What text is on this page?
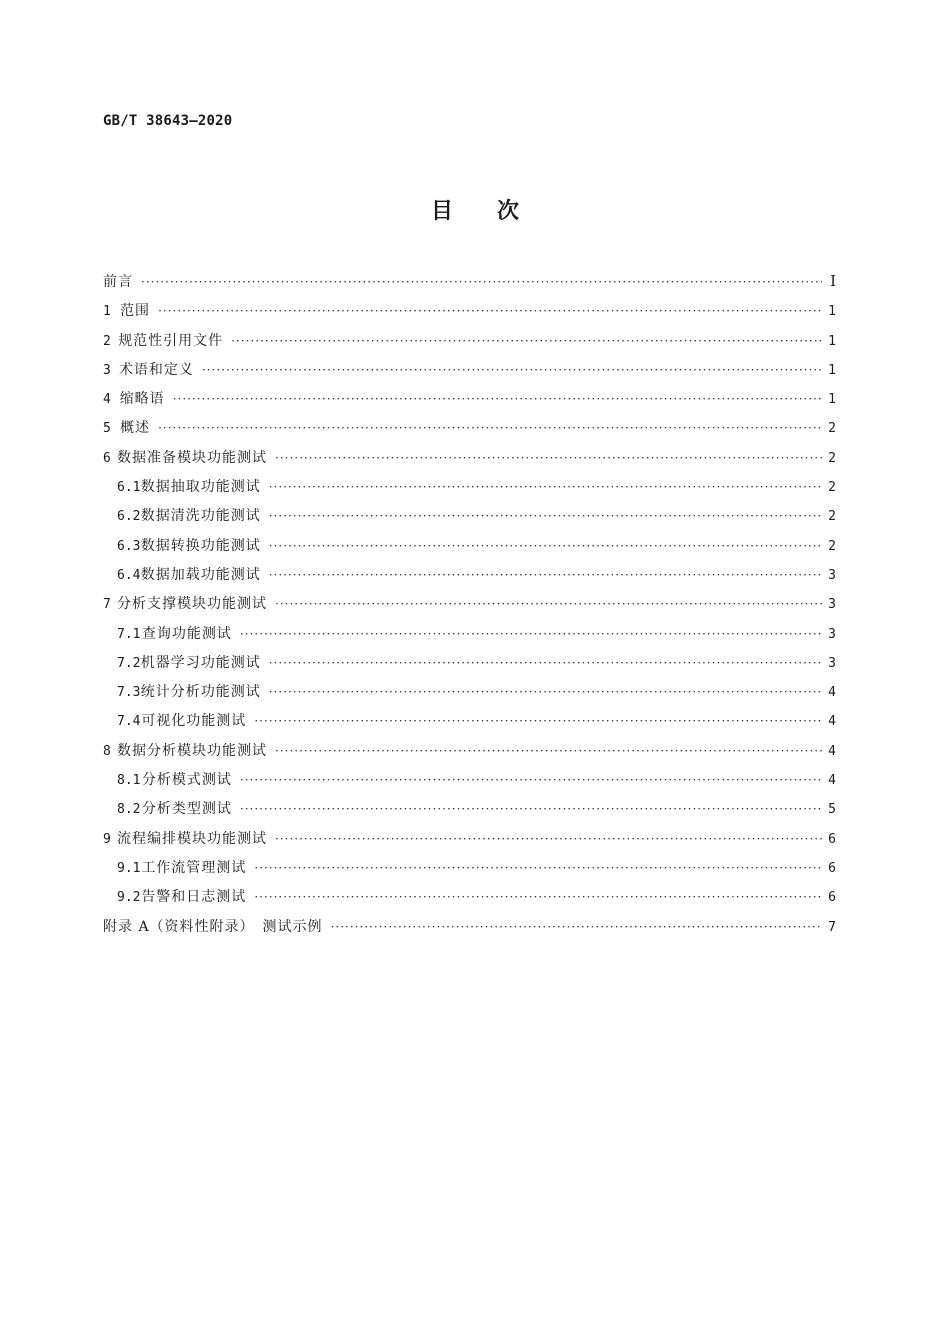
GB/T 38643—2020
目次
前言 ·····	I
1 范围 ·····	1
2 规范性引用文件 ·····	1
3 术语和定义 ·····	1
4 缩略语 ·····	1
5 概述 ·····	2
6 数据准备模块功能测试 ·····	2
6.1 数据抽取功能测试 ·····	2
6.2 数据清洗功能测试 ·····	2
6.3 数据转换功能测试 ·····	2
6.4 数据加载功能测试 ·····	3
7 分析支撑模块功能测试 ·····	3
7.1 查询功能测试 ·····	3
7.2 机器学习功能测试 ·····	3
7.3 统计分析功能测试 ·····	4
7.4 可视化功能测试 ·····	4
8 数据分析模块功能测试 ·····	4
8.1 分析模式测试 ·····	4
8.2 分析类型测试 ·····	5
9 流程编排模块功能测试 ·····	6
9.1 工作流管理测试 ·····	6
9.2 告警和日志测试 ·····	6
附录 A（资料性附录）　测试示例 ·····	7
